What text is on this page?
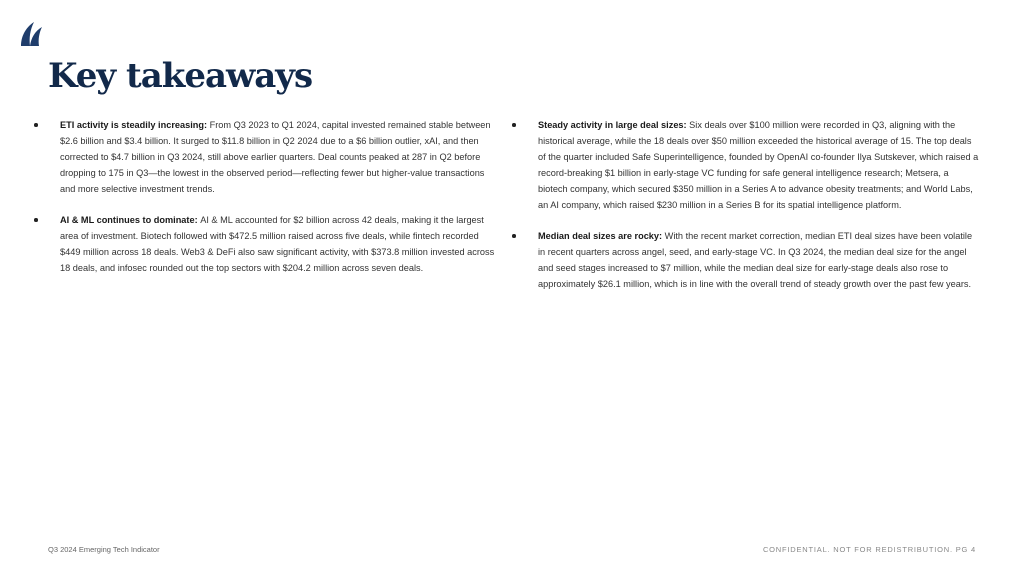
Key takeaways
ETI activity is steadily increasing: From Q3 2023 to Q1 2024, capital invested remained stable between $2.6 billion and $3.4 billion. It surged to $11.8 billion in Q2 2024 due to a $6 billion outlier, xAI, and then corrected to $4.7 billion in Q3 2024, still above earlier quarters. Deal counts peaked at 287 in Q2 before dropping to 175 in Q3—the lowest in the observed period—reflecting fewer but higher-value transactions and more selective investment trends.
AI & ML continues to dominate: AI & ML accounted for $2 billion across 42 deals, making it the largest area of investment. Biotech followed with $472.5 million raised across five deals, while fintech recorded $449 million across 18 deals. Web3 & DeFi also saw significant activity, with $373.8 million invested across 18 deals, and infosec rounded out the top sectors with $204.2 million across seven deals.
Steady activity in large deal sizes: Six deals over $100 million were recorded in Q3, aligning with the historical average, while the 18 deals over $50 million exceeded the historical average of 15. The top deals of the quarter included Safe Superintelligence, founded by OpenAI co-founder Ilya Sutskever, which raised a record-breaking $1 billion in early-stage VC funding for safe general intelligence research; Metsera, a biotech company, which secured $350 million in a Series A to advance obesity treatments; and World Labs, an AI company, which raised $230 million in a Series B for its spatial intelligence platform.
Median deal sizes are rocky: With the recent market correction, median ETI deal sizes have been volatile in recent quarters across angel, seed, and early-stage VC. In Q3 2024, the median deal size for the angel and seed stages increased to $7 million, while the median deal size for early-stage deals also rose to approximately $26.1 million, which is in line with the overall trend of steady growth over the past few years.
Q3 2024 Emerging Tech Indicator	CONFIDENTIAL. NOT FOR REDISTRIBUTION. PG 4
